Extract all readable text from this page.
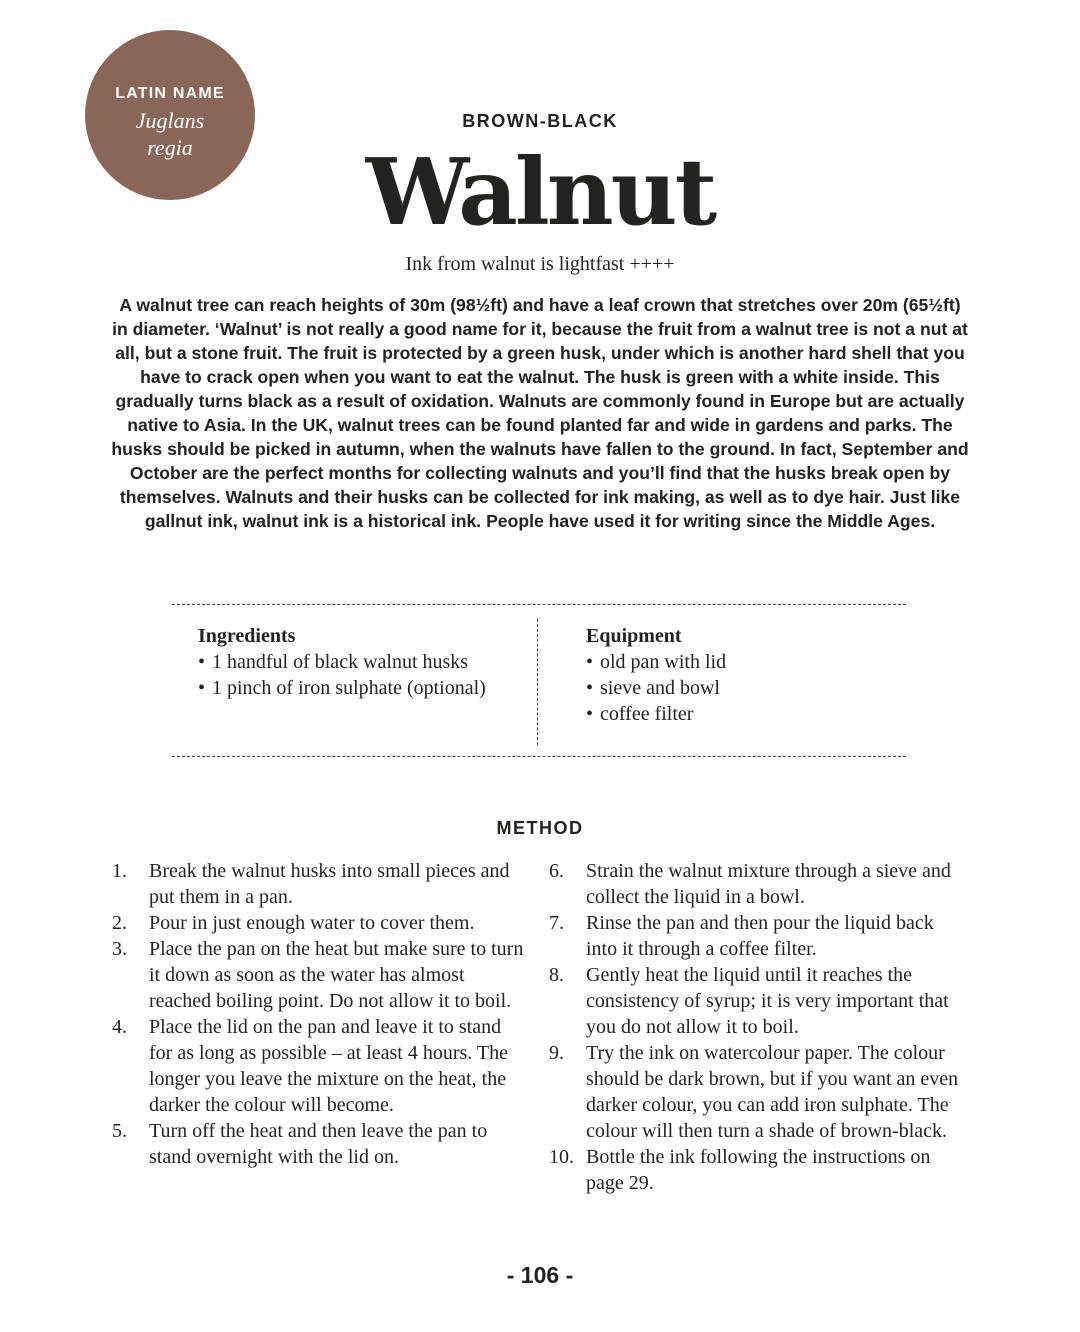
LATIN NAME
Juglans
regia
BROWN-BLACK
Walnut
Ink from walnut is lightfast ++++

A walnut tree can reach heights of 30m (98½ft) and have a leaf crown that stretches over 20m (65½ft) in diameter. ‘Walnut’ is not really a good name for it, because the fruit from a walnut tree is not a nut at all, but a stone fruit. The fruit is protected by a green husk, under which is another hard shell that you have to crack open when you want to eat the walnut. The husk is green with a white inside. This gradually turns black as a result of oxidation. Walnuts are commonly found in Europe but are actually native to Asia. In the UK, walnut trees can be found planted far and wide in gardens and parks. The husks should be picked in autumn, when the walnuts have fallen to the ground. In fact, September and October are the perfect months for collecting walnuts and you’ll find that the husks break open by themselves. Walnuts and their husks can be collected for ink making, as well as to dye hair. Just like gallnut ink, walnut ink is a historical ink. People have used it for writing since the Middle Ages.

Ingredients
• 1 handful of black walnut husks
• 1 pinch of iron sulphate (optional)
Equipment
• old pan with lid
• sieve and bowl
• coffee filter
METHOD
1. Break the walnut husks into small pieces and put them in a pan.
2. Pour in just enough water to cover them.
3. Place the pan on the heat but make sure to turn it down as soon as the water has almost reached boiling point. Do not allow it to boil.
4. Place the lid on the pan and leave it to stand for as long as possible – at least 4 hours. The longer you leave the mixture on the heat, the darker the colour will become.
5. Turn off the heat and then leave the pan to stand overnight with the lid on.
6. Strain the walnut mixture through a sieve and collect the liquid in a bowl.
7. Rinse the pan and then pour the liquid back into it through a coffee filter.
8. Gently heat the liquid until it reaches the consistency of syrup; it is very important that you do not allow it to boil.
9. Try the ink on watercolour paper. The colour should be dark brown, but if you want an even darker colour, you can add iron sulphate. The colour will then turn a shade of brown-black.
10. Bottle the ink following the instructions on page 29.
- 106 -
